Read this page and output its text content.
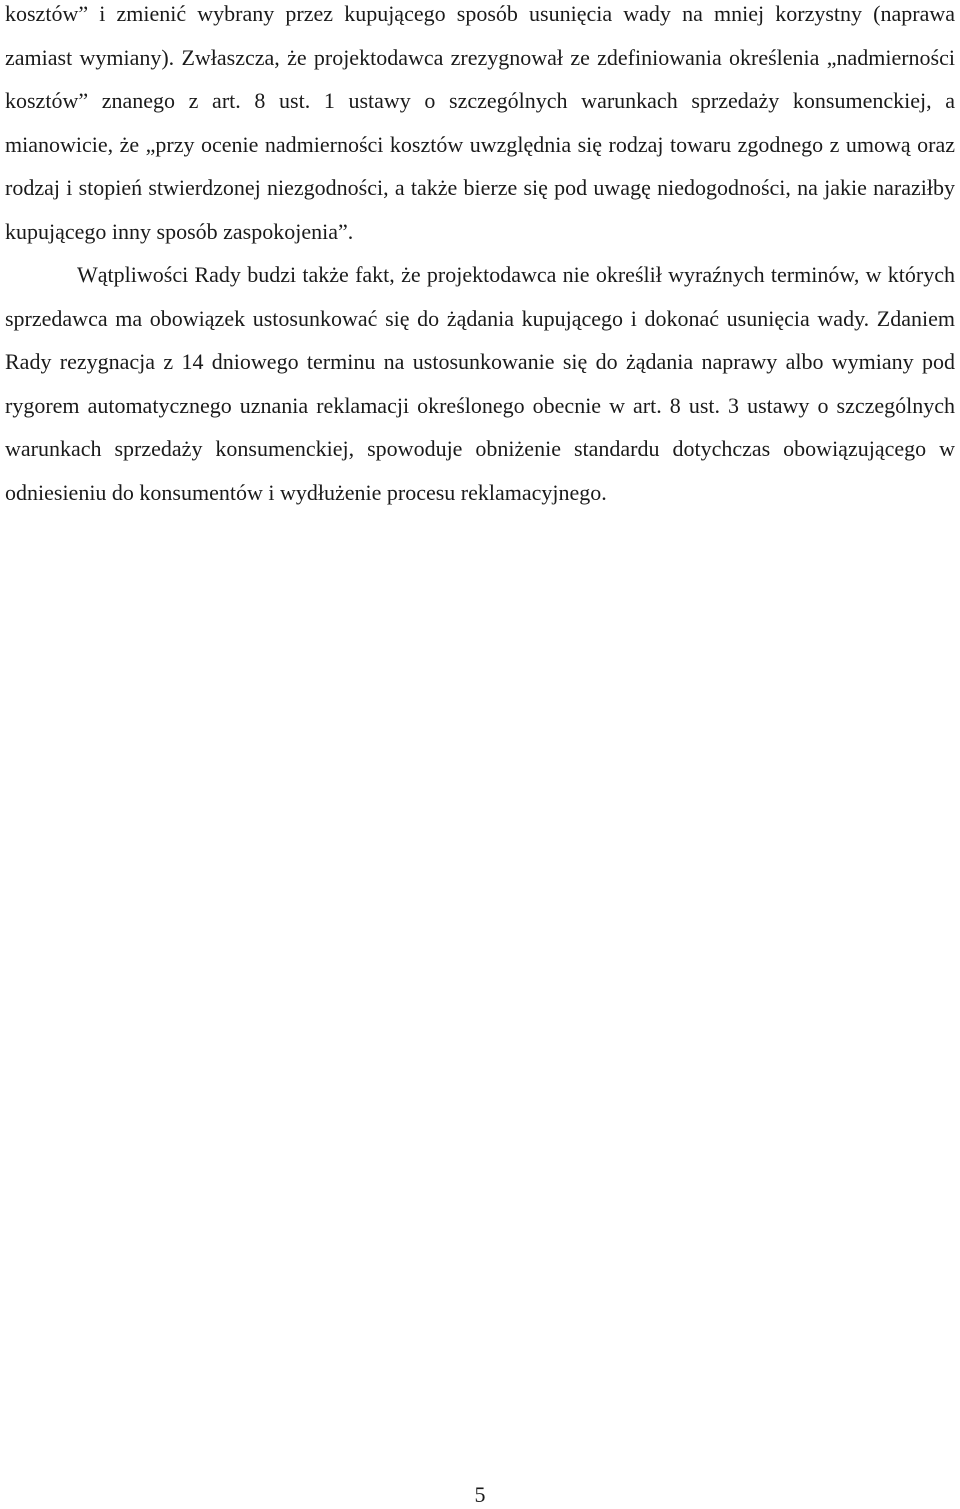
kosztów” i zmienić wybrany przez kupującego sposób usunięcia wady na mniej korzystny (naprawa zamiast wymiany). Zwłaszcza, że projektodawca zrezygnował ze zdefiniowania określenia „nadmierności kosztów” znanego z art. 8 ust. 1 ustawy o szczególnych warunkach sprzedaży konsumenckiej, a mianowicie, że „przy ocenie nadmierności kosztów uwzględnia się rodzaj towaru zgodnego z umową oraz rodzaj i stopień stwierdzonej niezgodności, a także bierze się pod uwagę niedogodności, na jakie naraziłby kupującego inny sposób zaspokojenia”.

Wątpliwości Rady budzi także fakt, że projektodawca nie określił wyraźnych terminów, w których sprzedawca ma obowiązek ustosunkować się do żądania kupującego i dokonać usunięcia wady. Zdaniem Rady rezygnacja z 14 dniowego terminu na ustosunkowanie się do żądania naprawy albo wymiany pod rygorem automatycznego uznania reklamacji określonego obecnie w art. 8 ust. 3 ustawy o szczególnych warunkach sprzedaży konsumenckiej, spowoduje obniżenie standardu dotychczas obowiązującego w odniesieniu do konsumentów i wydłużenie procesu reklamacyjnego.

5
